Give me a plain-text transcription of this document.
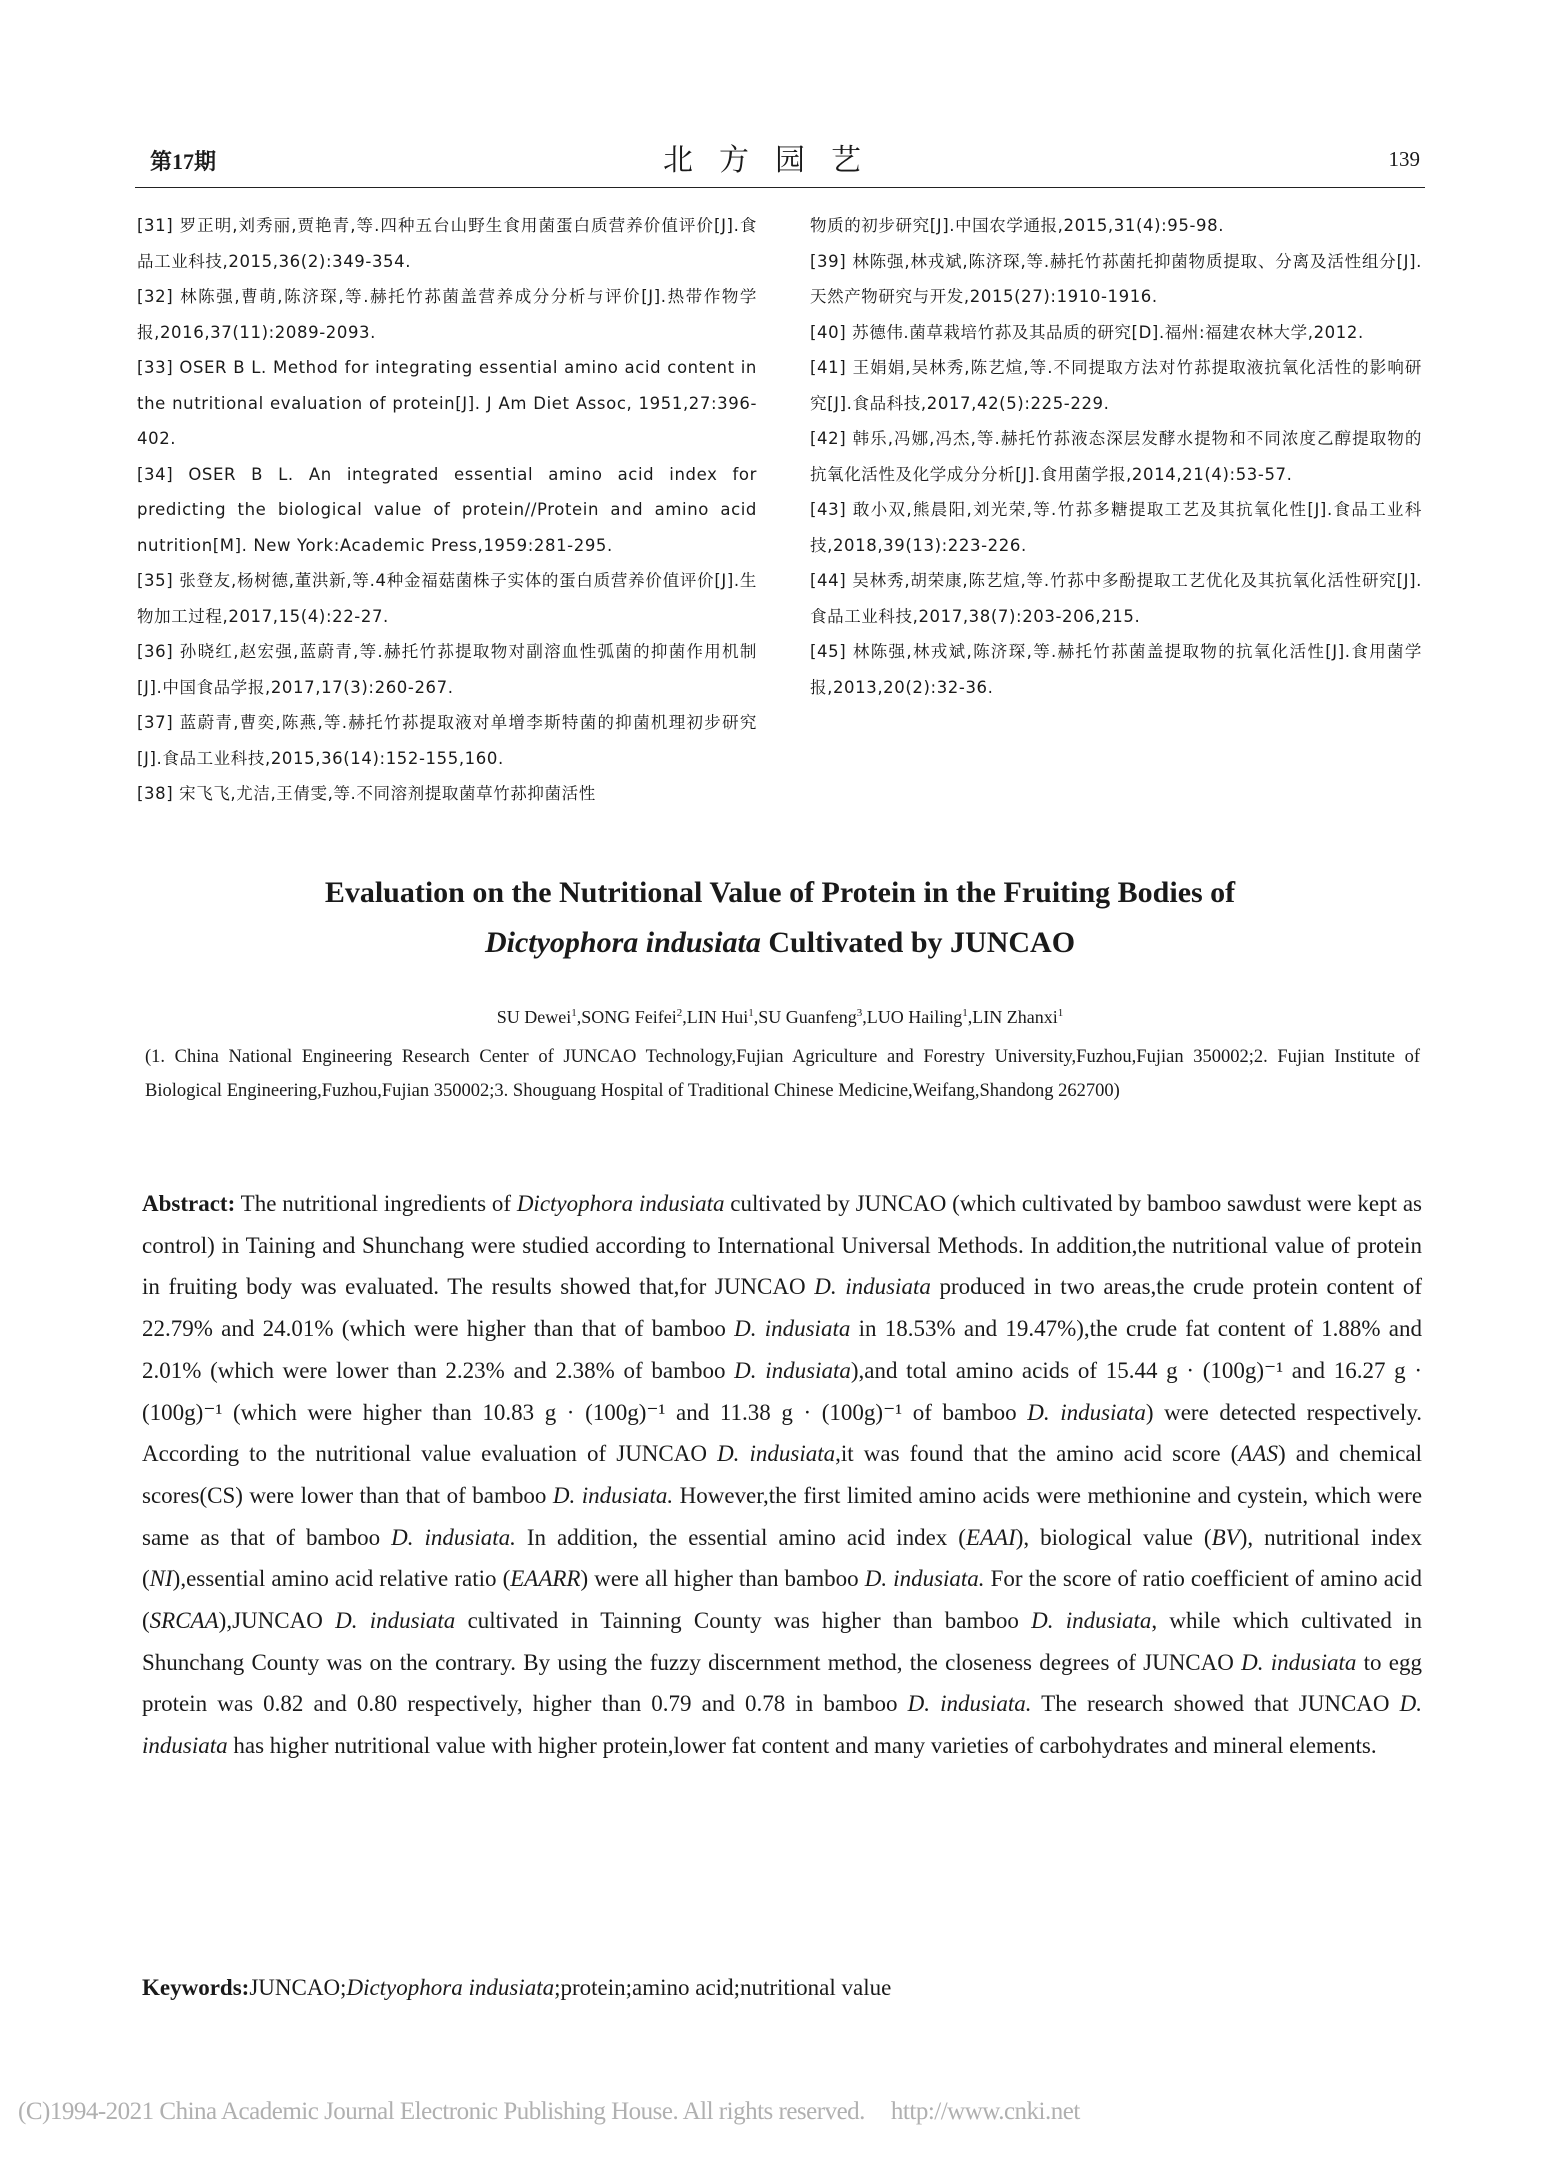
第17期	北方园艺	139
[31] 罗正明,刘秀丽,贾艳青,等.四种五台山野生食用菌蛋白质营养价值评价[J].食品工业科技,2015,36(2):349-354.
[32] 林陈强,曹萌,陈济琛,等.赫托竹荪菌盖营养成分分析与评价[J].热带作物学报,2016,37(11):2089-2093.
[33] OSER B L. Method for integrating essential amino acid content in the nutritional evaluation of protein[J]. J Am Diet Assoc, 1951,27:396-402.
[34] OSER B L. An integrated essential amino acid index for predicting the biological value of protein//Protein and amino acid nutrition[M]. New York:Academic Press,1959:281-295.
[35] 张登友,杨树德,董洪新,等.4种金福菇菌株子实体的蛋白质营养价值评价[J].生物加工过程,2017,15(4):22-27.
[36] 孙晓红,赵宏强,蓝蔚青,等.赫托竹荪提取物对副溶血性弧菌的抑菌作用机制[J].中国食品学报,2017,17(3):260-267.
[37] 蓝蔚青,曹奕,陈燕,等.赫托竹荪提取液对单增李斯特菌的抑菌机理初步研究[J].食品工业科技,2015,36(14):152-155,160.
[38] 宋飞飞,尤洁,王倩雯,等.不同溶剂提取菌草竹荪抑菌活性
物质的初步研究[J].中国农学通报,2015,31(4):95-98.
[39] 林陈强,林戎斌,陈济琛,等.赫托竹荪菌托抑菌物质提取、分离及活性组分[J].天然产物研究与开发,2015(27):1910-1916.
[40] 苏德伟.菌草栽培竹荪及其品质的研究[D].福州:福建农林大学,2012.
[41] 王娟娟,吴林秀,陈艺煊,等.不同提取方法对竹荪提取液抗氧化活性的影响研究[J].食品科技,2017,42(5):225-229.
[42] 韩乐,冯娜,冯杰,等.赫托竹荪液态深层发酵水提物和不同浓度乙醇提取物的抗氧化活性及化学成分分析[J].食用菌学报,2014,21(4):53-57.
[43] 敢小双,熊晨阳,刘光荣,等.竹荪多糖提取工艺及其抗氧化性[J].食品工业科技,2018,39(13):223-226.
[44] 吴林秀,胡荣康,陈艺煊,等.竹荪中多酚提取工艺优化及其抗氧化活性研究[J].食品工业科技,2017,38(7):203-206,215.
[45] 林陈强,林戎斌,陈济琛,等.赫托竹荪菌盖提取物的抗氧化活性[J].食用菌学报,2013,20(2):32-36.
Evaluation on the Nutritional Value of Protein in the Fruiting Bodies of
Dictyophora indusiata Cultivated by JUNCAO
SU Dewei$^1$,SONG Feifei$^2$,LIN Hui$^1$,SU Guanfeng$^3$,LUO Hailing$^1$,LIN Zhanxi$^1$
(1. China National Engineering Research Center of JUNCAO Technology,Fujian Agriculture and Forestry University,Fuzhou,Fujian 350002;2. Fujian Institute of Biological Engineering,Fuzhou,Fujian 350002;3. Shouguang Hospital of Traditional Chinese Medicine,Weifang,Shandong 262700)
Abstract: The nutritional ingredients of Dictyophora indusiata cultivated by JUNCAO (which cultivated by bamboo sawdust were kept as control) in Taining and Shunchang were studied according to International Universal Methods. In addition,the nutritional value of protein in fruiting body was evaluated. The results showed that,for JUNCAO D. indusiata produced in two areas,the crude protein content of 22.79% and 24.01% (which were higher than that of bamboo D. indusiata in 18.53% and 19.47%),the crude fat content of 1.88% and 2.01% (which were lower than 2.23% and 2.38% of bamboo D. indusiata),and total amino acids of 15.44 g · (100g)⁻¹ and 16.27 g · (100g)⁻¹ (which were higher than 10.83 g · (100g)⁻¹ and 11.38 g · (100g)⁻¹ of bamboo D. indusiata) were detected respectively. According to the nutritional value evaluation of JUNCAO D. indusiata,it was found that the amino acid score (AAS) and chemical scores(CS) were lower than that of bamboo D. indusiata. However,the first limited amino acids were methionine and cystein, which were same as that of bamboo D. indusiata. In addition, the essential amino acid index (EAAI), biological value (BV), nutritional index (NI),essential amino acid relative ratio (EAARR) were all higher than bamboo D. indusiata. For the score of ratio coefficient of amino acid (SRCAA),JUNCAO D. indusiata cultivated in Tainning County was higher than bamboo D. indusiata, while which cultivated in Shunchang County was on the contrary. By using the fuzzy discernment method, the closeness degrees of JUNCAO D. indusiata to egg protein was 0.82 and 0.80 respectively, higher than 0.79 and 0.78 in bamboo D. indusiata. The research showed that JUNCAO D. indusiata has higher nutritional value with higher protein,lower fat content and many varieties of carbohydrates and mineral elements.
Keywords:JUNCAO;Dictyophora indusiata;protein;amino acid;nutritional value
(C)1994-2021 China Academic Journal Electronic Publishing House. All rights reserved. http://www.cnki.net
